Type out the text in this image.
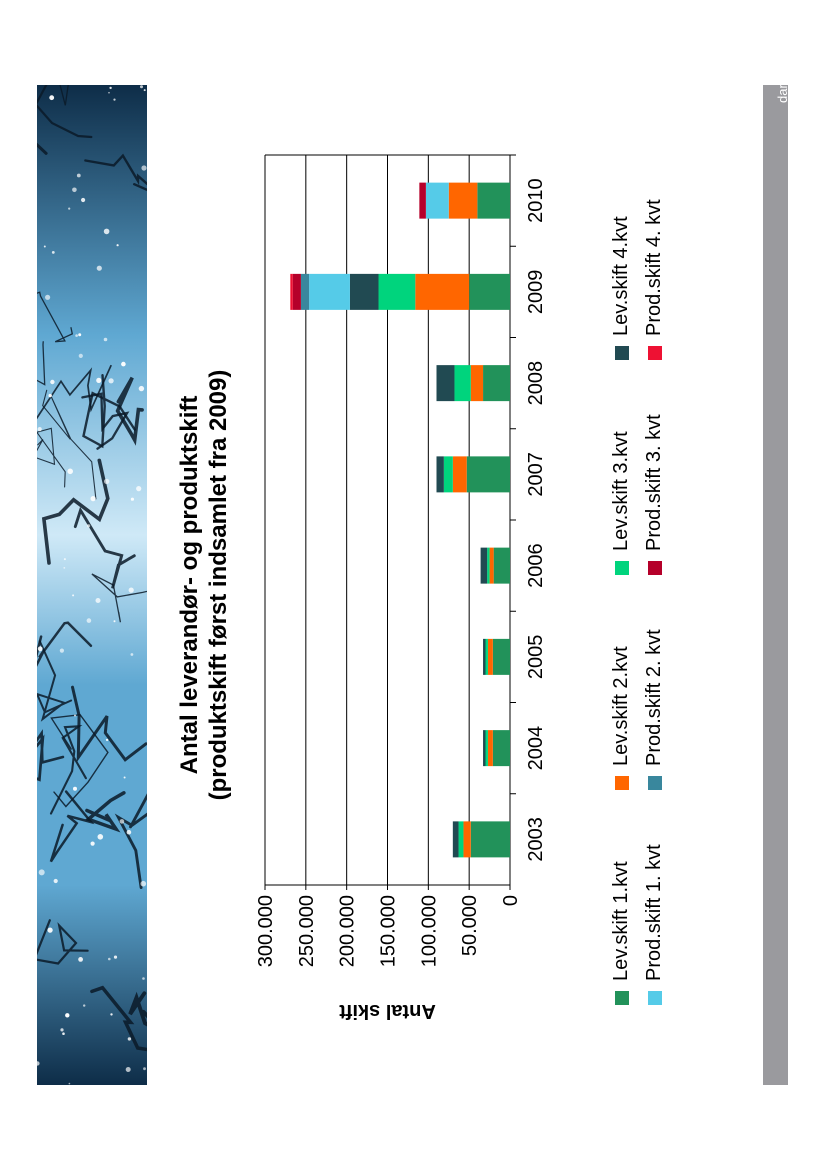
danskenergi
Antal leverandør- og produktskift (produktskift først indsamlet fra 2009)
0
50.000
100.000
150.000
200.000
250.000
300.000
Antal skift
2003
2004
2005
2006
2007
2008
2009
2010
Lev.skift 1.kvt
Lev.skift 2.kvt
Lev.skift 3.kvt
Lev.skift 4.kvt
Prod.skift 1. kvt
Prod.skift 2. kvt
Prod.skift 3. kvt
Prod.skift 4. kvt
